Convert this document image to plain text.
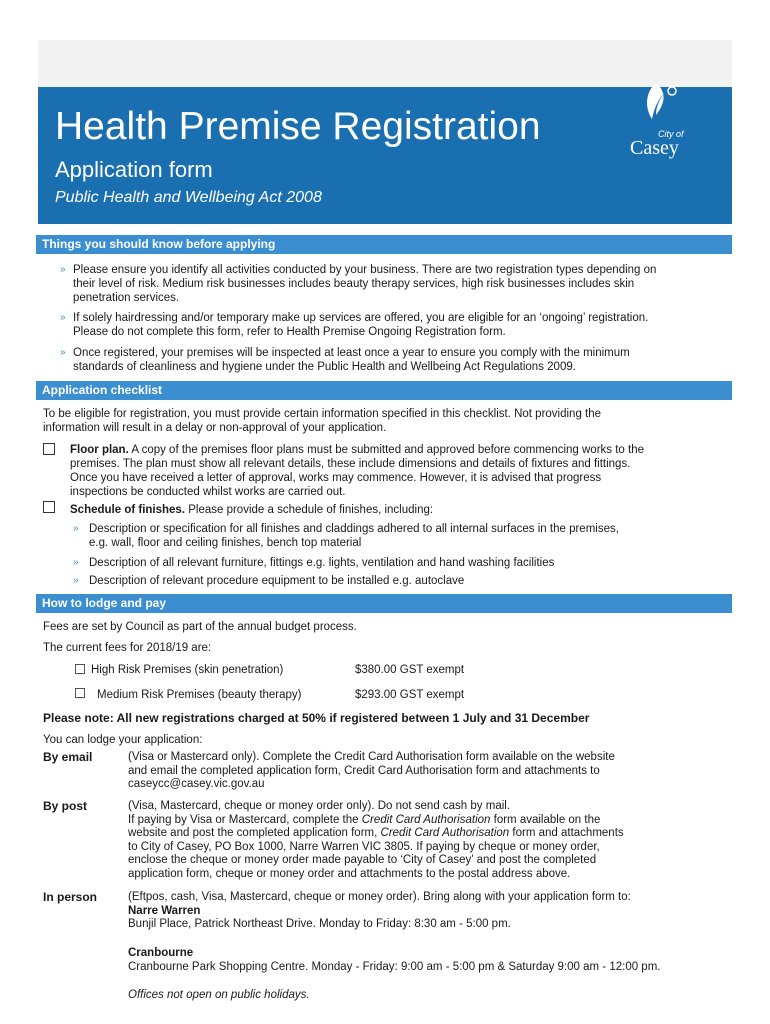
Health Premise Registration
Application form
Public Health and Wellbeing Act 2008
City of
Casey
Things you should know before applying
» Please ensure you identify all activities conducted by your business. There are two registration types depending on
their level of risk. Medium risk businesses includes beauty therapy services, high risk businesses includes skin
penetration services.
» If solely hairdressing and/or temporary make up services are offered, you are eligible for an ‘ongoing’ registration.
Please do not complete this form, refer to Health Premise Ongoing Registration form.
» Once registered, your premises will be inspected at least once a year to ensure you comply with the minimum
standards of cleanliness and hygiene under the Public Health and Wellbeing Act Regulations 2009.
Application checklist
To be eligible for registration, you must provide certain information specified in this checklist. Not providing the
information will result in a delay or non-approval of your application.
Floor plan. A copy of the premises floor plans must be submitted and approved before commencing works to the
premises. The plan must show all relevant details, these include dimensions and details of fixtures and fittings.
Once you have received a letter of approval, works may commence. However, it is advised that progress
inspections be conducted whilst works are carried out.
Schedule of finishes. Please provide a schedule of finishes, including:
» Description or specification for all finishes and claddings adhered to all internal surfaces in the premises,
e.g. wall, floor and ceiling finishes, bench top material
» Description of all relevant furniture, fittings e.g. lights, ventilation and hand washing facilities
» Description of relevant procedure equipment to be installed e.g. autoclave
How to lodge and pay
Fees are set by Council as part of the annual budget process.
The current fees for 2018/19 are:
High Risk Premises (skin penetration)	$380.00 GST exempt
Medium Risk Premises (beauty therapy)	$293.00 GST exempt
Please note: All new registrations charged at 50% if registered between 1 July and 31 December
You can lodge your application:
By email	(Visa or Mastercard only). Complete the Credit Card Authorisation form available on the website
and email the completed application form, Credit Card Authorisation form and attachments to
caseycc@casey.vic.gov.au
By post	(Visa, Mastercard, cheque or money order only). Do not send cash by mail.
If paying by Visa or Mastercard, complete the Credit Card Authorisation form available on the
website and post the completed application form, Credit Card Authorisation form and attachments
to City of Casey, PO Box 1000, Narre Warren VIC 3805. If paying by cheque or money order,
enclose the cheque or money order made payable to ‘City of Casey’ and post the completed
application form, cheque or money order and attachments to the postal address above.
In person	(Eftpos, cash, Visa, Mastercard, cheque or money order). Bring along with your application form to:
Narre Warren
Bunjil Place, Patrick Northeast Drive. Monday to Friday: 8:30 am - 5:00 pm.
Cranbourne
Cranbourne Park Shopping Centre. Monday - Friday: 9:00 am - 5:00 pm & Saturday 9:00 am - 12:00 pm.
Offices not open on public holidays.
